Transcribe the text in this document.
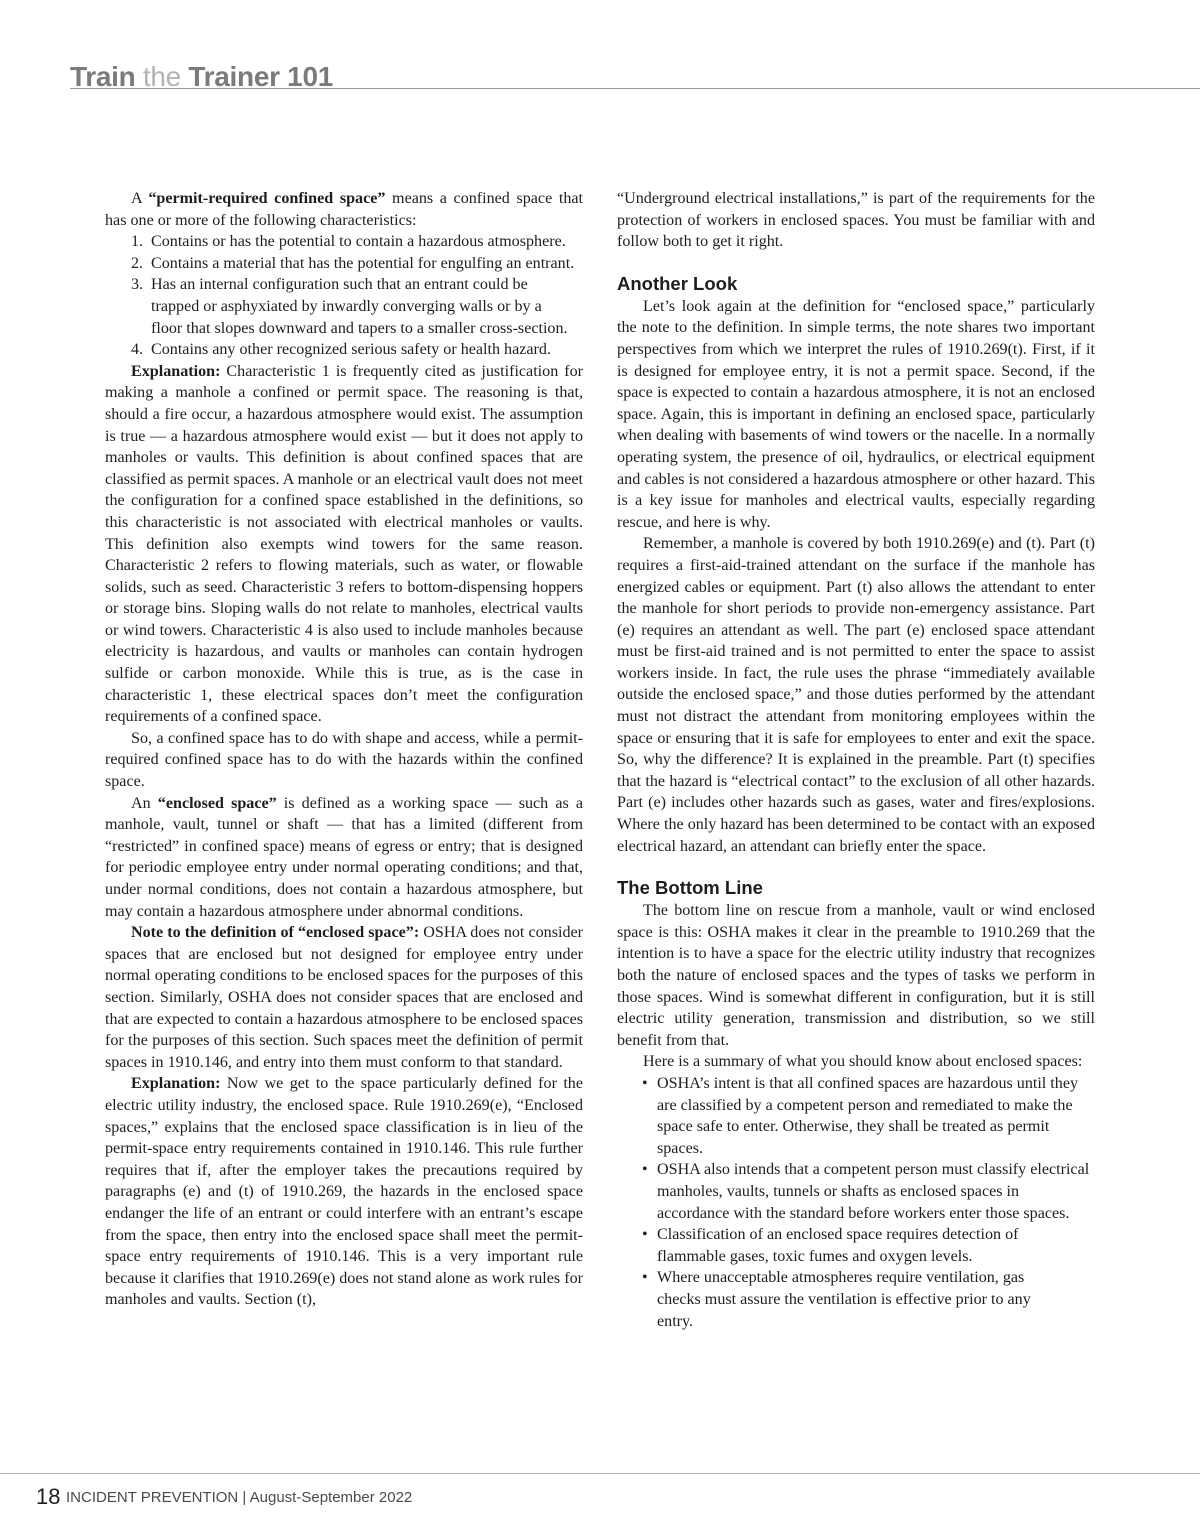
Train the Trainer 101

A “permit-required confined space” means a confined space that has one or more of the following characteristics:

1. Contains or has the potential to contain a hazardous atmosphere.
2. Contains a material that has the potential for engulfing an entrant.
3. Has an internal configuration such that an entrant could be trapped or asphyxiated by inwardly converging walls or by a floor that slopes downward and tapers to a smaller cross-section.
4. Contains any other recognized serious safety or health hazard.

Explanation: Characteristic 1 is frequently cited as justification for making a manhole a confined or permit space. The reasoning is that, should a fire occur, a hazardous atmosphere would exist. The assumption is true — a hazardous atmosphere would exist — but it does not apply to manholes or vaults. This definition is about confined spaces that are classified as permit spaces. A manhole or an electrical vault does not meet the configuration for a confined space established in the definitions, so this characteristic is not associated with electrical manholes or vaults. This definition also exempts wind towers for the same reason. Characteristic 2 refers to flowing materials, such as water, or flowable solids, such as seed. Characteristic 3 refers to bottom-dispensing hoppers or storage bins. Sloping walls do not relate to manholes, electrical vaults or wind towers. Characteristic 4 is also used to include manholes because electricity is hazardous, and vaults or manholes can contain hydrogen sulfide or carbon monoxide. While this is true, as is the case in characteristic 1, these electrical spaces don’t meet the configuration requirements of a confined space.

So, a confined space has to do with shape and access, while a permit-required confined space has to do with the hazards within the confined space.

An “enclosed space” is defined as a working space — such as a manhole, vault, tunnel or shaft — that has a limited (different from “restricted” in confined space) means of egress or entry; that is designed for periodic employee entry under normal operating conditions; and that, under normal conditions, does not contain a hazardous atmosphere, but may contain a hazardous atmosphere under abnormal conditions.

Note to the definition of “enclosed space”: OSHA does not consider spaces that are enclosed but not designed for employee entry under normal operating conditions to be enclosed spaces for the purposes of this section. Similarly, OSHA does not consider spaces that are enclosed and that are expected to contain a hazardous atmosphere to be enclosed spaces for the purposes of this section. Such spaces meet the definition of permit spaces in 1910.146, and entry into them must conform to that standard.

Explanation: Now we get to the space particularly defined for the electric utility industry, the enclosed space. Rule 1910.269(e), “Enclosed spaces,” explains that the enclosed space classification is in lieu of the permit-space entry requirements contained in 1910.146. This rule further requires that if, after the employer takes the precautions required by paragraphs (e) and (t) of 1910.269, the hazards in the enclosed space endanger the life of an entrant or could interfere with an entrant’s escape from the space, then entry into the enclosed space shall meet the permit-space entry requirements of 1910.146. This is a very important rule because it clarifies that 1910.269(e) does not stand alone as work rules for manholes and vaults. Section (t),

“Underground electrical installations,” is part of the requirements for the protection of workers in enclosed spaces. You must be familiar with and follow both to get it right.

Another Look

Let’s look again at the definition for “enclosed space,” particularly the note to the definition. In simple terms, the note shares two important perspectives from which we interpret the rules of 1910.269(t). First, if it is designed for employee entry, it is not a permit space. Second, if the space is expected to contain a hazardous atmosphere, it is not an enclosed space. Again, this is important in defining an enclosed space, particularly when dealing with basements of wind towers or the nacelle. In a normally operating system, the presence of oil, hydraulics, or electrical equipment and cables is not considered a hazardous atmosphere or other hazard. This is a key issue for manholes and electrical vaults, especially regarding rescue, and here is why.

Remember, a manhole is covered by both 1910.269(e) and (t). Part (t) requires a first-aid-trained attendant on the surface if the manhole has energized cables or equipment. Part (t) also allows the attendant to enter the manhole for short periods to provide non-emergency assistance. Part (e) requires an attendant as well. The part (e) enclosed space attendant must be first-aid trained and is not permitted to enter the space to assist workers inside. In fact, the rule uses the phrase “immediately available outside the enclosed space,” and those duties performed by the attendant must not distract the attendant from monitoring employees within the space or ensuring that it is safe for employees to enter and exit the space. So, why the difference? It is explained in the preamble. Part (t) specifies that the hazard is “electrical contact” to the exclusion of all other hazards. Part (e) includes other hazards such as gases, water and fires/explosions. Where the only hazard has been determined to be contact with an exposed electrical hazard, an attendant can briefly enter the space.

The Bottom Line

The bottom line on rescue from a manhole, vault or wind enclosed space is this: OSHA makes it clear in the preamble to 1910.269 that the intention is to have a space for the electric utility industry that recognizes both the nature of enclosed spaces and the types of tasks we perform in those spaces. Wind is somewhat different in configuration, but it is still electric utility generation, transmission and distribution, so we still benefit from that.

Here is a summary of what you should know about enclosed spaces:

• OSHA’s intent is that all confined spaces are hazardous until they are classified by a competent person and remediated to make the space safe to enter. Otherwise, they shall be treated as permit spaces.
• OSHA also intends that a competent person must classify electrical manholes, vaults, tunnels or shafts as enclosed spaces in accordance with the standard before workers enter those spaces.
• Classification of an enclosed space requires detection of flammable gases, toxic fumes and oxygen levels.
• Where unacceptable atmospheres require ventilation, gas checks must assure the ventilation is effective prior to any entry.
18 INCIDENT PREVENTION | August-September 2022
